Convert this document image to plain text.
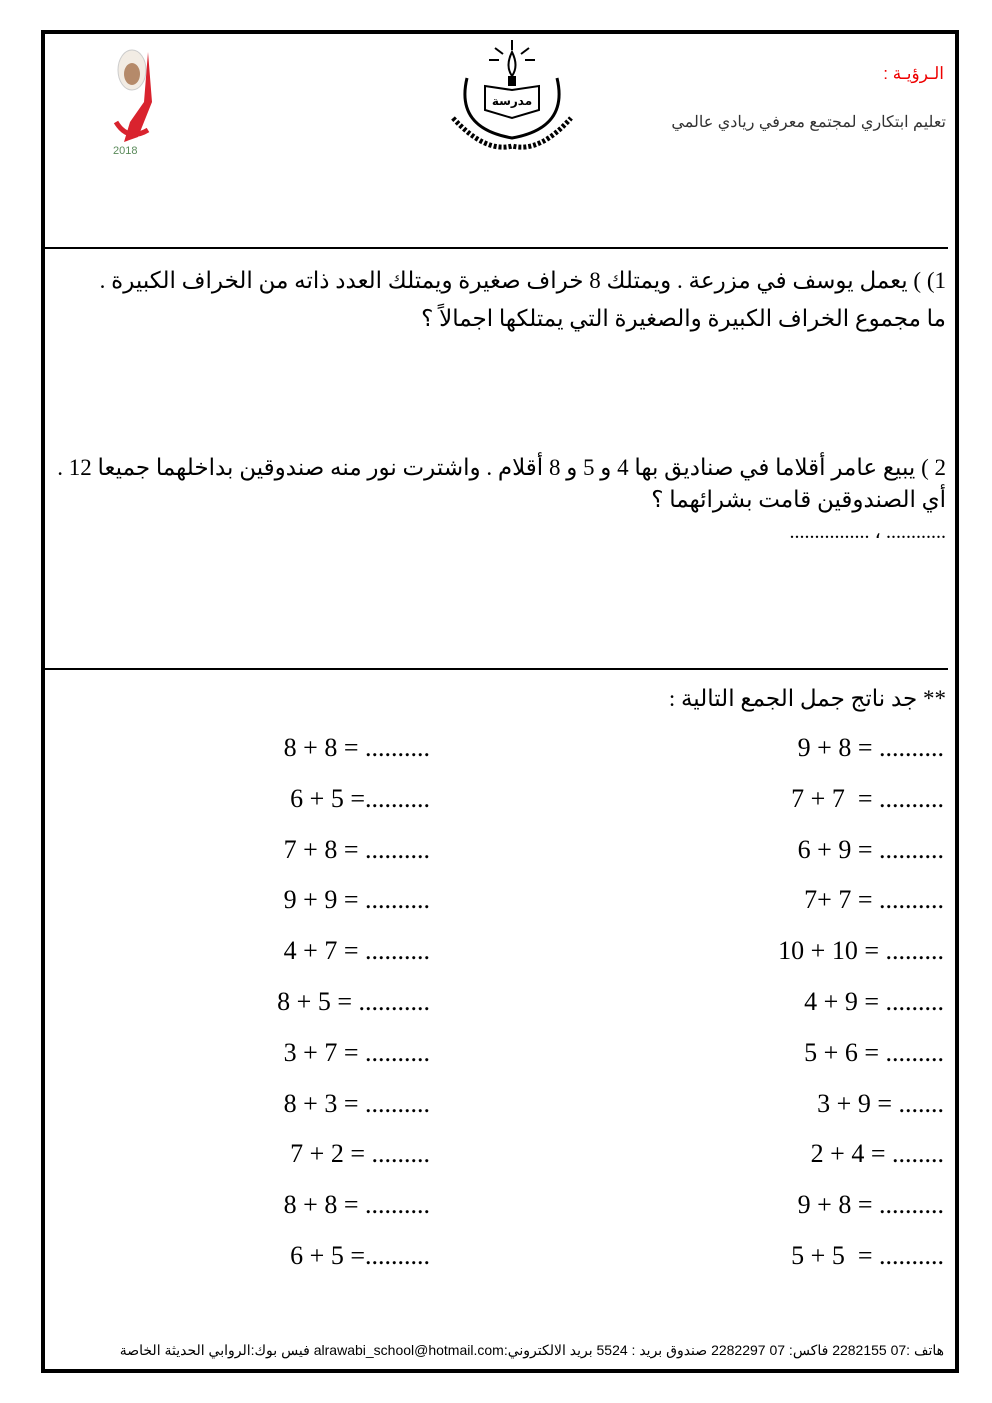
2018
مدرسة
الـرؤيـة :
تعليم ابتكاري لمجتمع معرفي ريادي عالمي
1) ) يعمل يوسف في مزرعة . ويمتلك 8 خراف صغيرة ويمتلك العدد ذاته من الخراف الكبيرة .
ما مجموع الخراف الكبيرة والصغيرة التي يمتلكها اجمالاً ؟
2 ) يبيع عامر أقلاما في صناديق بها 4 و 5 و 8 أقلام . واشترت نور منه صندوقين بداخلهما جميعا 12 .
أي الصندوقين قامت بشرائهما ؟
............ ، ................
** جد ناتج جمل الجمع التالية :
9 + 8 = ..........
7 + 7  = ..........
6 + 9 = ..........
7+ 7 = ..........
10 + 10 = .........
4 + 9 = .........
5 + 6 = .........
3 + 9 = .......
2 + 4 = ........
9 + 8 = ..........
5 + 5  = ..........
8 + 8 = ..........
6 + 5 =..........
7 + 8 = ..........
9 + 9 = ..........
4 + 7 = ..........
8 + 5 = ...........
3 + 7 = ..........
8 + 3 = ..........
7 + 2 = .........
8 + 8 = ..........
6 + 5 =..........
هاتف :07 2282155 فاكس: 07 2282297 صندوق بريد : 5524 بريد الالكتروني:alrawabi_school@hotmail.com فيس بوك:الروابي الحديثة الخاصة
